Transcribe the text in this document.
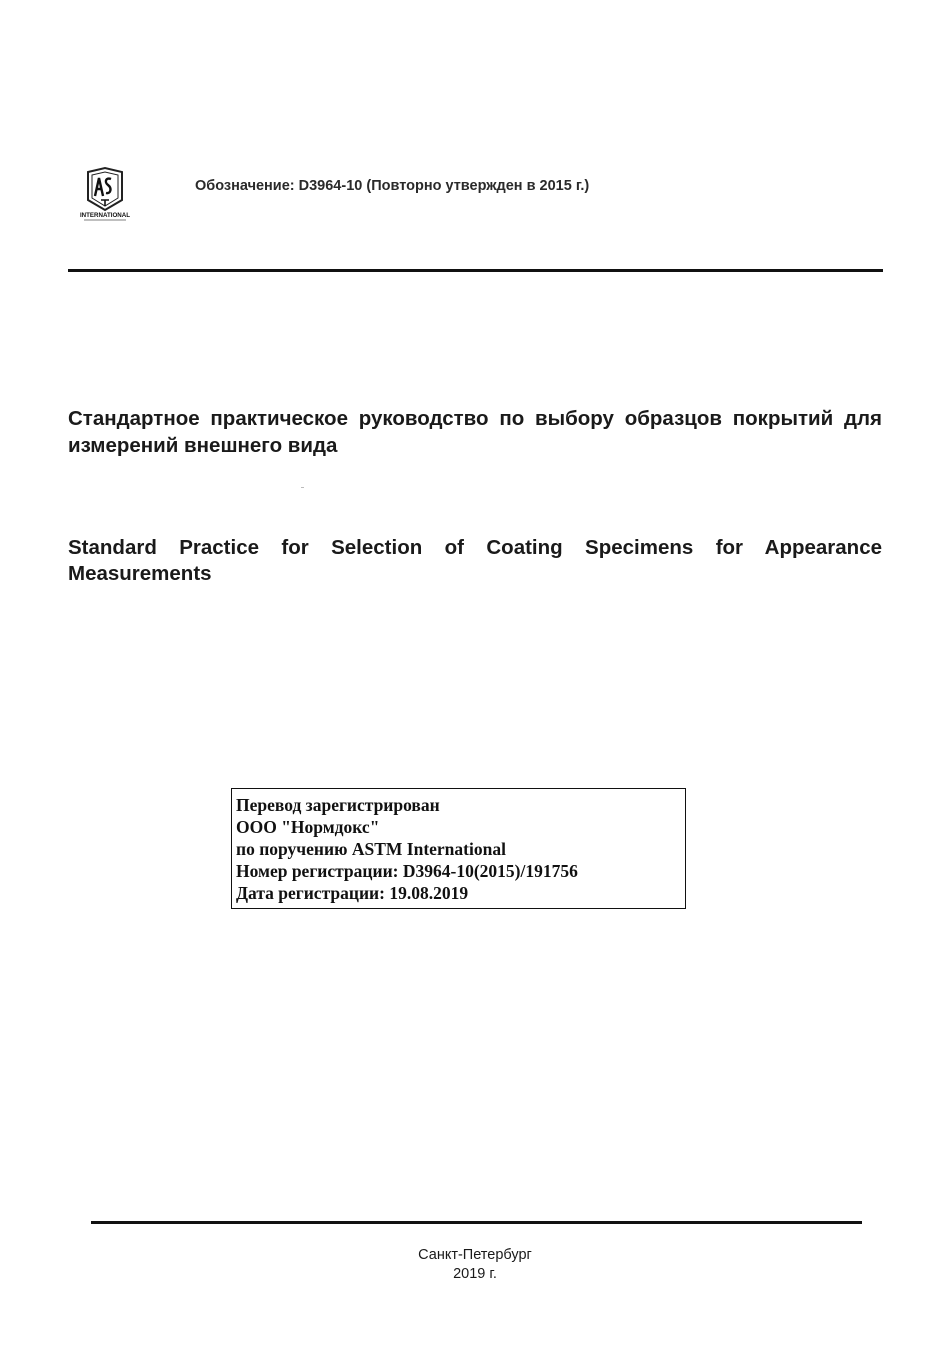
INTERNATIONAL
Обозначение: D3964-10 (Повторно утвержден в 2015 г.)
Стандартное практическое руководство по выбору образцов покрытий для измерений внешнего вида
Standard Practice for Selection of Coating Specimens for Appearance Measurements
Перевод зарегистрирован
ООО "Нормдокс"
по поручению ASTM International
Номер регистрации: D3964-10(2015)/191756
Дата регистрации: 19.08.2019
Санкт-Петербург
2019 г.
